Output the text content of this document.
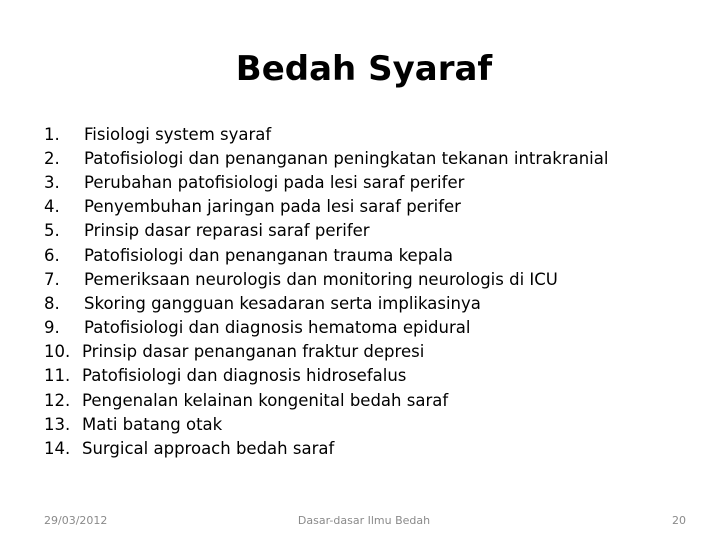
Bedah Syaraf
1.	Fisiologi system syaraf
2.	Patofisiologi dan penanganan peningkatan tekanan intrakranial
3.	Perubahan patofisiologi pada lesi saraf perifer
4.	Penyembuhan jaringan pada lesi saraf perifer
5.	Prinsip dasar reparasi saraf perifer
6.	Patofisiologi dan penanganan trauma kepala
7.	Pemeriksaan neurologis dan monitoring neurologis di ICU
8.	Skoring gangguan kesadaran serta implikasinya
9.	Patofisiologi dan diagnosis hematoma epidural
10. Prinsip dasar penanganan fraktur depresi
11. Patofisiologi dan diagnosis hidrosefalus
12. Pengenalan kelainan kongenital bedah saraf
13. Mati batang otak
14. Surgical approach bedah saraf
29/03/2012	Dasar-dasar Ilmu Bedah	20
